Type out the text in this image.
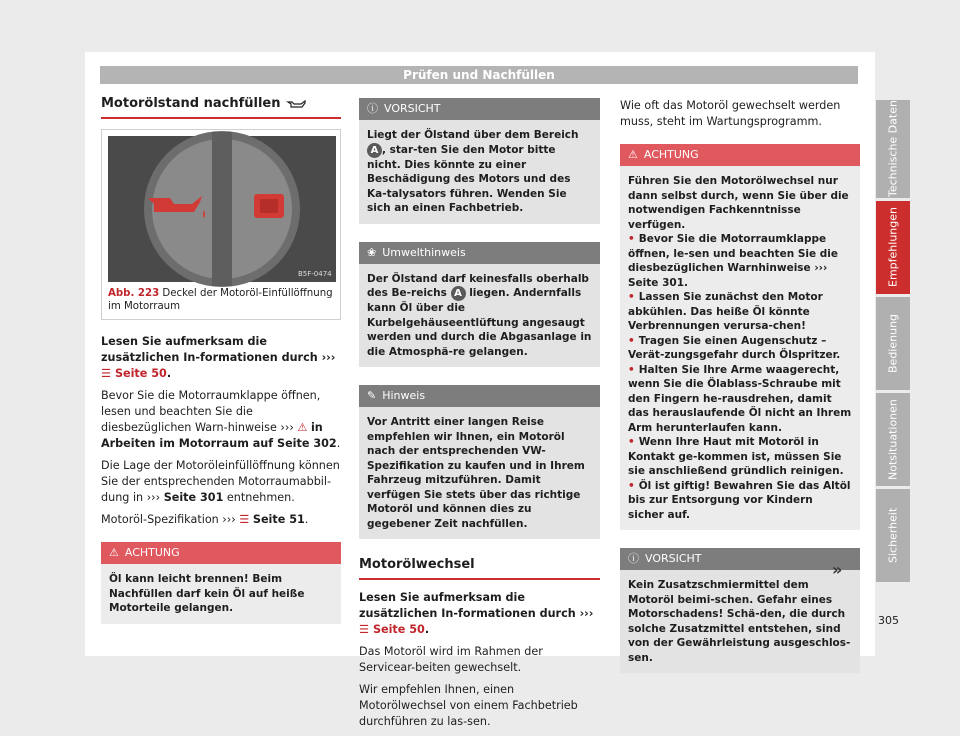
Prüfen und Nachfüllen
Motorölstand nachfüllen
B5F-0474
Abb. 223 Deckel der Motoröl-Einfüllöffnung im Motorraum
Lesen Sie aufmerksam die zusätzlichen In-formationen durch ››› ☰ Seite 50.

Bevor Sie die Motorraumklappe öffnen, lesen und beachten Sie die diesbezüglichen Warn-hinweise ››› ⚠ in Arbeiten im Motorraum auf Seite 302.

Die Lage der Motoröleinfüllöffnung können Sie der entsprechenden Motorraumabbil-dung in ››› Seite 301 entnehmen.

Motoröl-Spezifikation ››› ☰ Seite 51.

⚠ ACHTUNG
Öl kann leicht brennen! Beim Nachfüllen darf kein Öl auf heiße Motorteile gelangen.
ⓘ VORSICHT
Liegt der Ölstand über dem Bereich A , star-ten Sie den Motor bitte nicht. Dies könnte zu einer Beschädigung des Motors und des Ka-talysators führen. Wenden Sie sich an einen Fachbetrieb.
❀ Umwelthinweis
Der Ölstand darf keinesfalls oberhalb des Be-reichs A liegen. Andernfalls kann Öl über die Kurbelgehäuseentlüftung angesaugt werden und durch die Abgasanlage in die Atmosphä-re gelangen.
✎ Hinweis
Vor Antritt einer langen Reise empfehlen wir Ihnen, ein Motoröl nach der entsprechenden VW-Spezifikation zu kaufen und in Ihrem Fahrzeug mitzuführen. Damit verfügen Sie stets über das richtige Motoröl und können dies zu gegebener Zeit nachfüllen.
Motorölwechsel
Lesen Sie aufmerksam die zusätzlichen In-formationen durch ››› ☰ Seite 50.

Das Motoröl wird im Rahmen der Servicear-beiten gewechselt.

Wir empfehlen Ihnen, einen Motorölwechsel von einem Fachbetrieb durchführen zu las-sen.

Wie oft das Motoröl gewechselt werden muss, steht im Wartungsprogramm.

⚠ ACHTUNG
Führen Sie den Motorölwechsel nur dann selbst durch, wenn Sie über die notwendigen Fachkenntnisse verfügen.
• Bevor Sie die Motorraumklappe öffnen, le-sen und beachten Sie die diesbezüglichen Warnhinweise ››› Seite 301.
• Lassen Sie zunächst den Motor abkühlen. Das heiße Öl könnte Verbrennungen verursa-chen!
• Tragen Sie einen Augenschutz – Verät-zungsgefahr durch Ölspritzer.
• Halten Sie Ihre Arme waagerecht, wenn Sie die Ölablass-Schraube mit den Fingern he-rausdrehen, damit das herauslaufende Öl nicht an Ihrem Arm herunterlaufen kann.
• Wenn Ihre Haut mit Motoröl in Kontakt ge-kommen ist, müssen Sie sie anschließend gründlich reinigen.
• Öl ist giftig! Bewahren Sie das Altöl bis zur Entsorgung vor Kindern sicher auf.
ⓘ VORSICHT
Kein Zusatzschmiermittel dem Motoröl beimi-schen. Gefahr eines Motorschadens! Schä-den, die durch solche Zusatzmittel entstehen, sind von der Gewährleistung ausgeschlos-sen.
»
Technische Daten
Empfehlungen
Bedienung
Notsituationen
Sicherheit
305
